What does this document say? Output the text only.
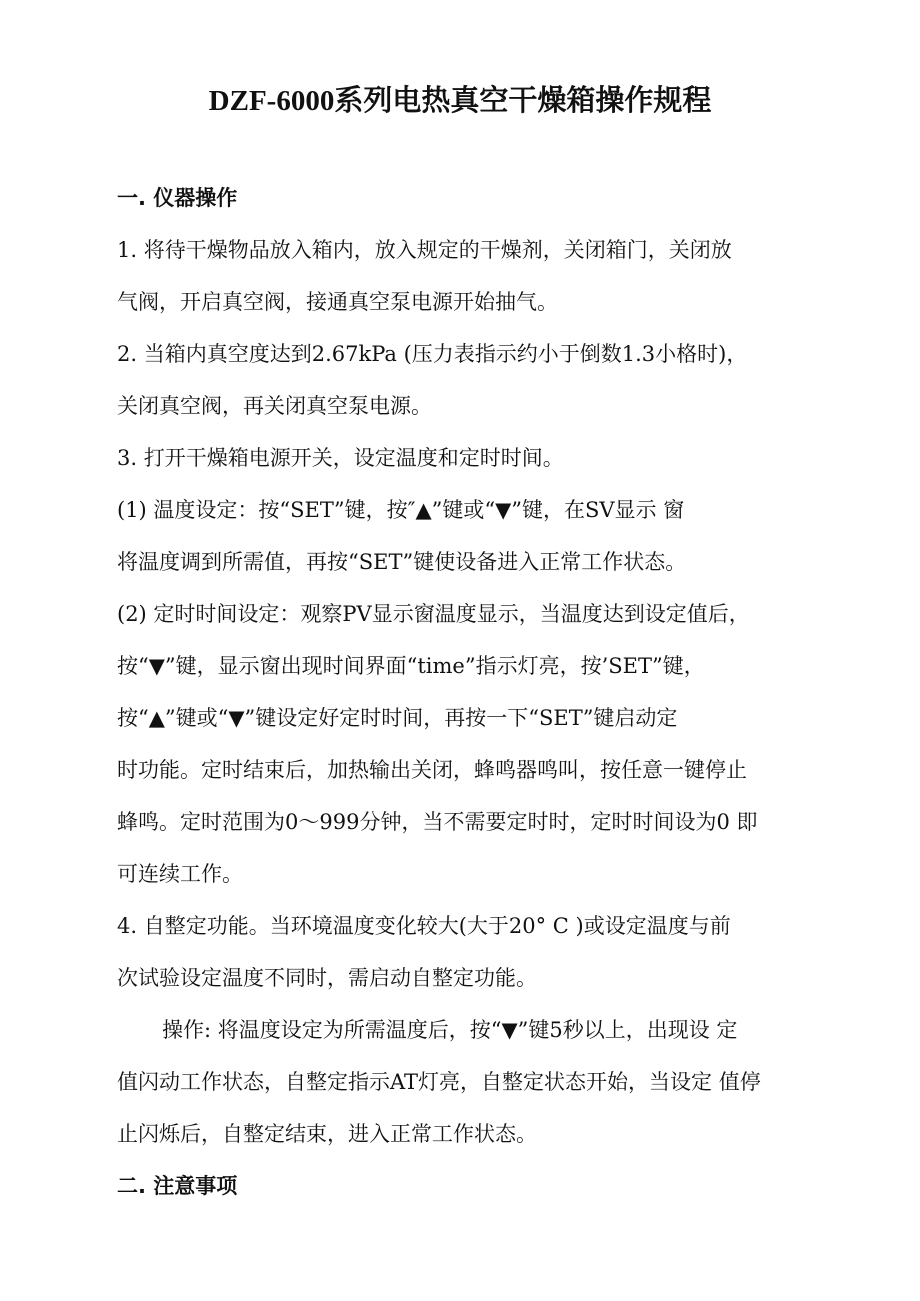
DZF-6000系列电热真空干燥箱操作规程
一. 仪器操作
1. 将待干燥物品放入箱内，放入规定的干燥剂，关闭箱门，关闭放
气阀，开启真空阀，接通真空泵电源开始抽气。
2. 当箱内真空度达到2.67kPa (压力表指示约小于倒数1.3小格时)，
关闭真空阀，再关闭真空泵电源。
3. 打开干燥箱电源开关，设定温度和定时时间。
(1) 温度设定：按“SET”键，按″▲”键或“▼”键，在SV显示 窗
将温度调到所需值，再按“SET”键使设备进入正常工作状态。
(2) 定时时间设定：观察PV显示窗温度显示，当温度达到设定值后，
按“▼”键，显示窗出现时间界面“time”指示灯亮，按’SET”键，
按“▲”键或“▼”键设定好定时时间，再按一下“SET”键启动定
时功能。定时结束后，加热输出关闭，蜂鸣器鸣叫，按任意一键停止
蜂鸣。定时范围为0～999分钟，当不需要定时时，定时时间设为0 即
可连续工作。
4. 自整定功能。当环境温度变化较大(大于20° C )或设定温度与前
次试验设定温度不同时，需启动自整定功能。
操作: 将温度设定为所需温度后，按“▼”键5秒以上，出现设 定
值闪动工作状态，自整定指示AT灯亮，自整定状态开始，当设定 值停
止闪烁后，自整定结束，进入正常工作状态。
二. 注意事项
